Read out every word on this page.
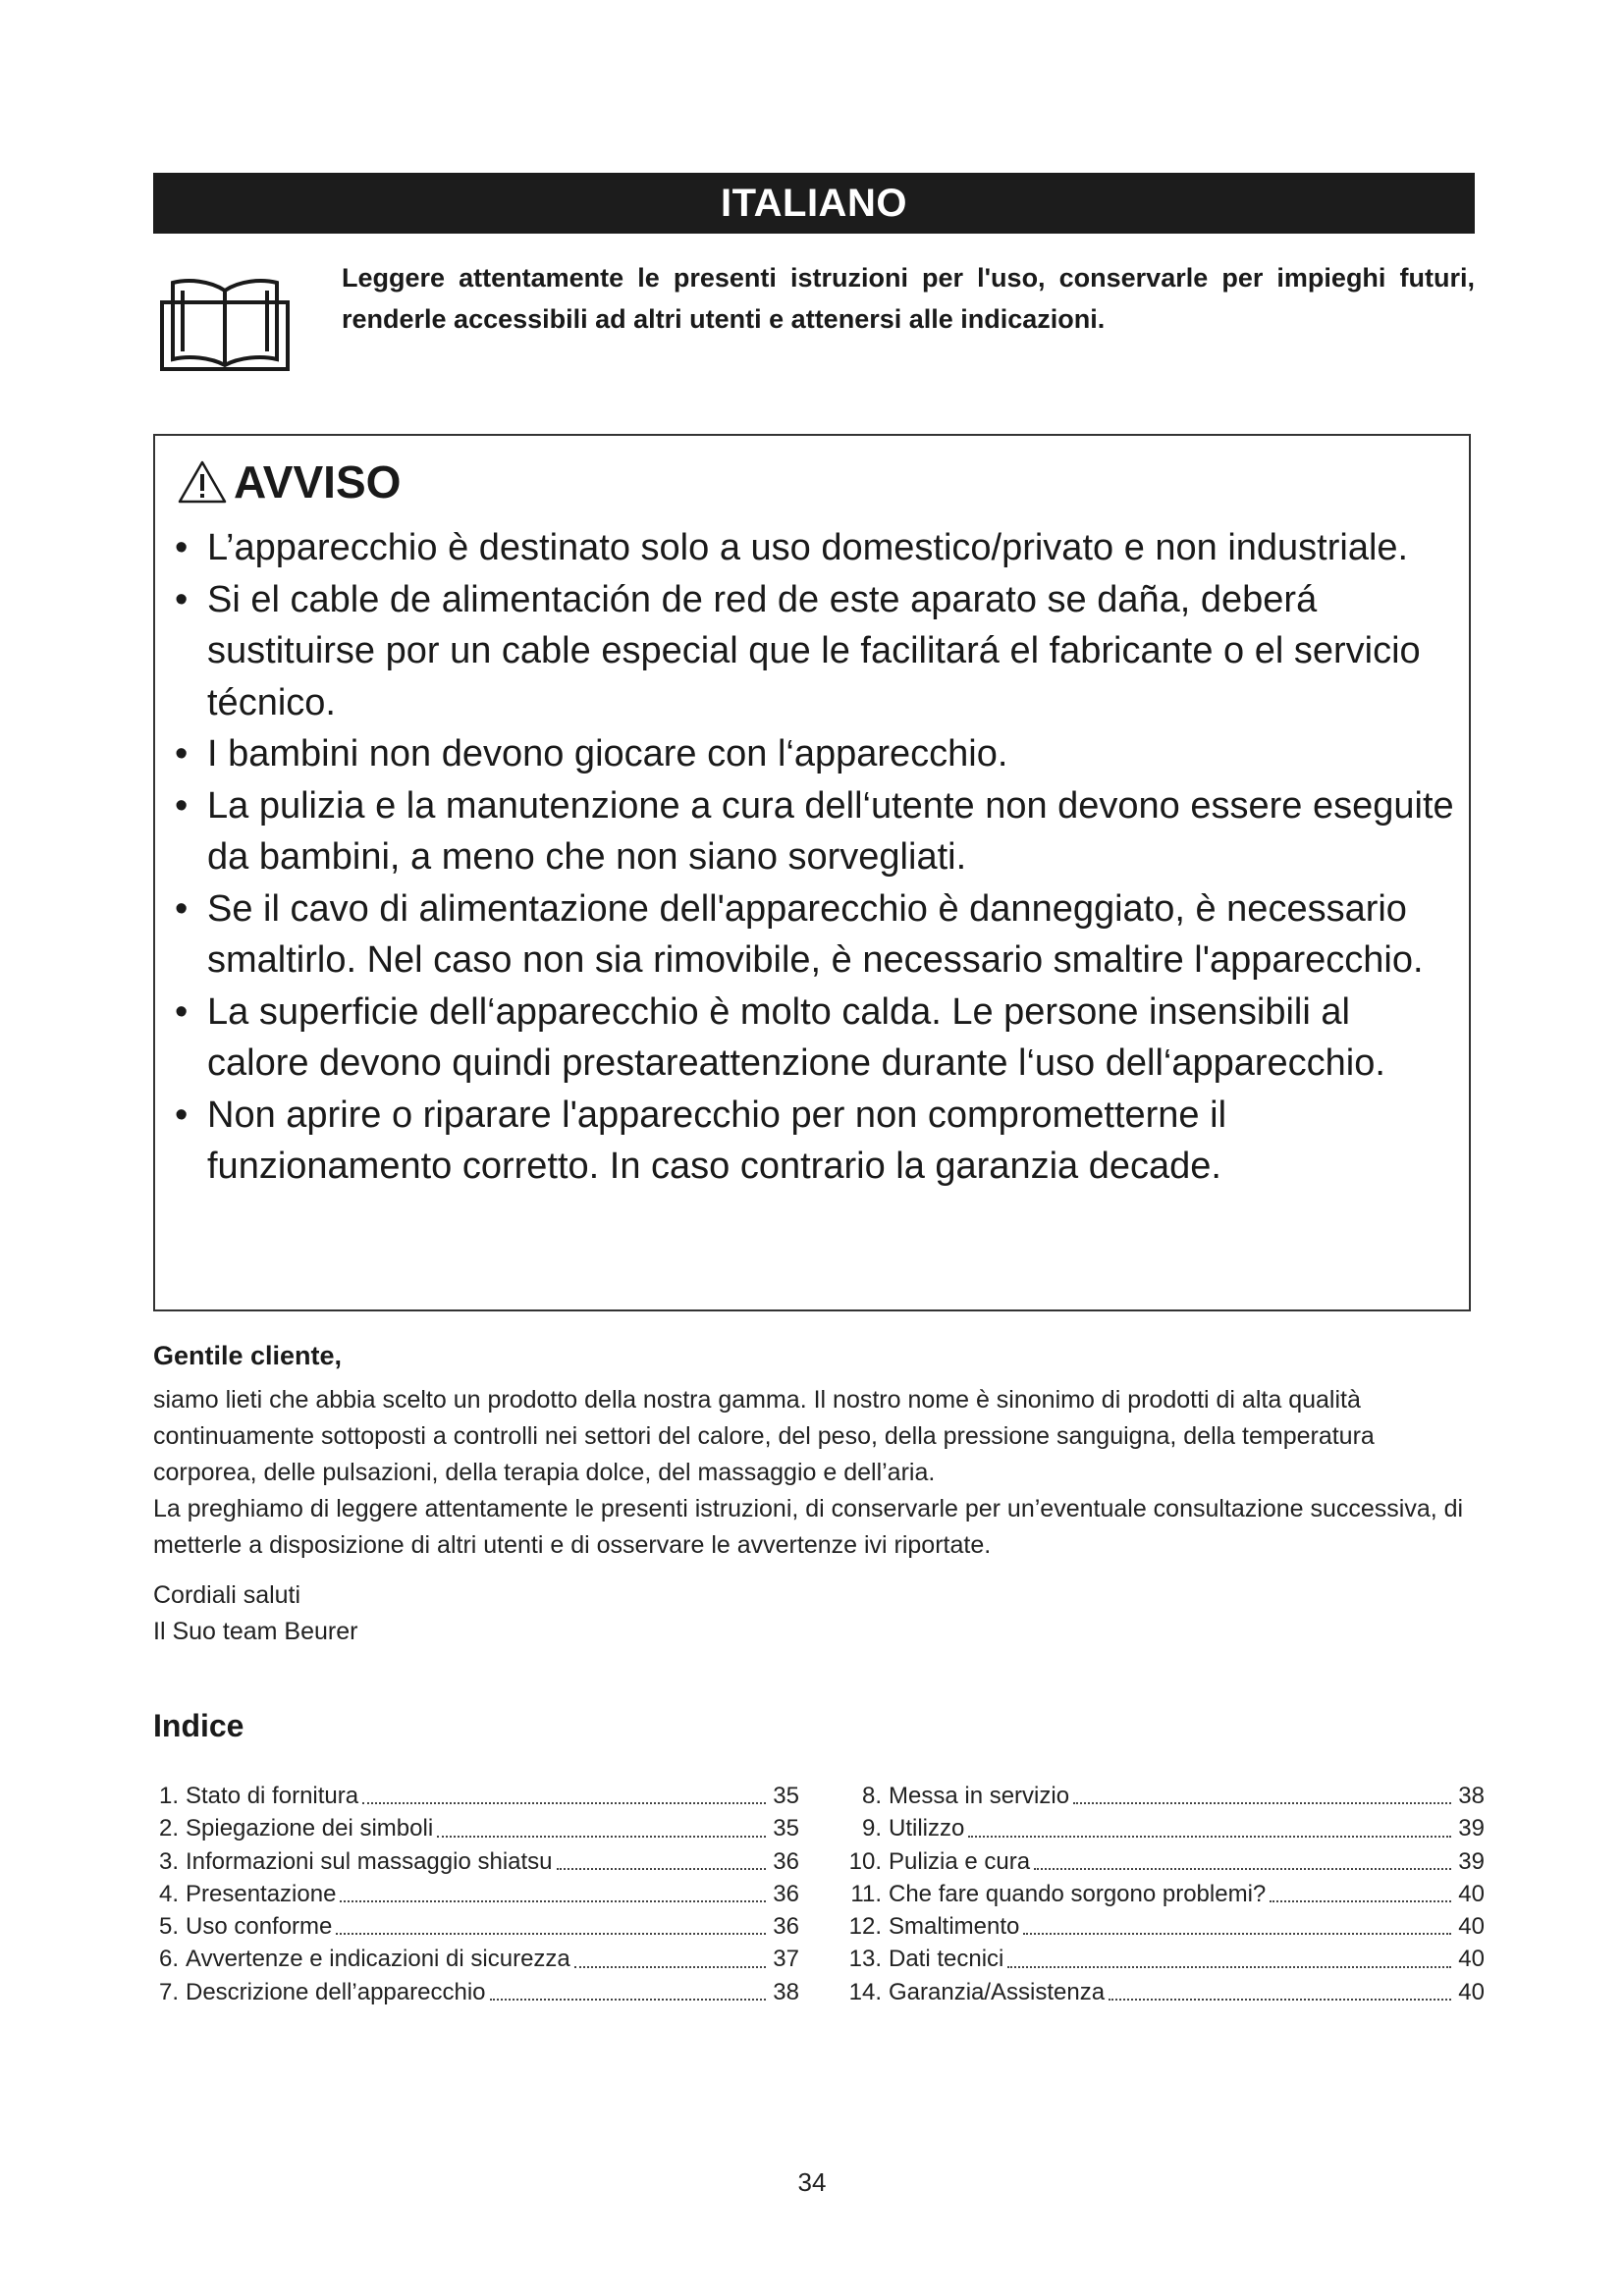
ITALIANO
Leggere attentamente le presenti istruzioni per l'uso, conservarle per impieghi futuri, renderle accessibili ad altri utenti e attenersi alle indicazioni.
AVVISO
• L’apparecchio è destinato solo a uso domestico/privato e non industriale.
• Si el cable de alimentación de red de este aparato se daña, deberá sustituirse por un cable especial que le facilitará el fabricante o el servicio técnico.
• I bambini non devono giocare con l‘apparecchio.
• La pulizia e la manutenzione a cura dell‘utente non devono essere eseguite da bambini, a meno che non siano sorvegliati.
• Se il cavo di alimentazione dell'apparecchio è danneggiato, è necessario smaltirlo. Nel caso non sia rimovibile, è necessario smaltire l'apparecchio.
• La superficie dell‘apparecchio è molto calda. Le persone insensibili al calore devono quindi prestareattenzione durante l‘uso dell‘apparecchio.
• Non aprire o riparare l'apparecchio per non comprometterne il funzionamento corretto. In caso contrario la garanzia decade.
Gentile cliente,

siamo lieti che abbia scelto un prodotto della nostra gamma. Il nostro nome è sinonimo di prodotti di alta qualità continuamente sottoposti a controlli nei settori del calore, del peso, della pressione sanguigna, della temperatura corporea, delle pulsazioni, della terapia dolce, del massaggio e dell’aria.

La preghiamo di leggere attentamente le presenti istruzioni, di conservarle per un’eventuale consultazione successiva, di metterle a disposizione di altri utenti e di osservare le avvertenze ivi riportate.

Cordiali saluti

Il Suo team Beurer

Indice
1. Stato di fornitura	35
2. Spiegazione dei simboli	35
3. Informazioni sul massaggio shiatsu	36
4. Presentazione	36
5. Uso conforme	36
6. Avvertenze e indicazioni di sicurezza	37
7. Descrizione dell’apparecchio	38
8. Messa in servizio	38
9. Utilizzo	39
10. Pulizia e cura	39
11. Che fare quando sorgono problemi?	40
12. Smaltimento	40
13. Dati tecnici	40
14. Garanzia/Assistenza	40
34
